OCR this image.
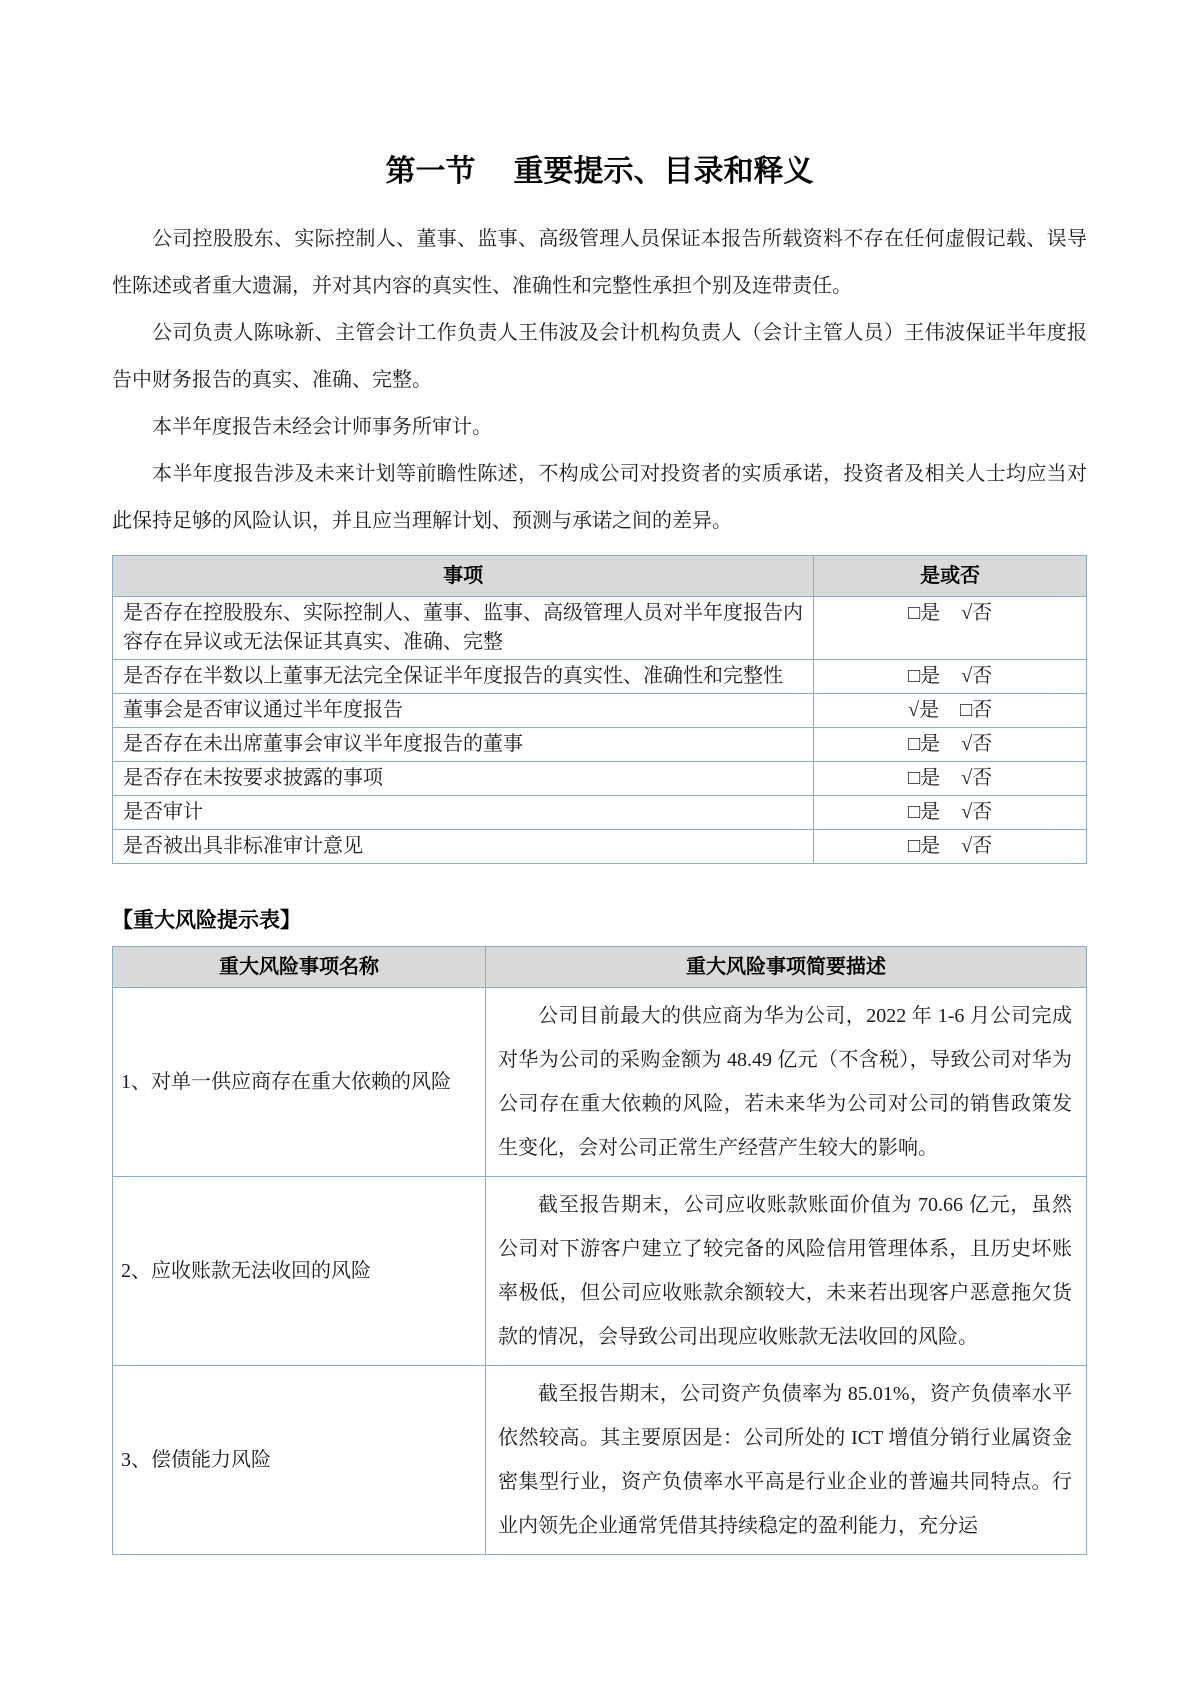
第一节 重要提示、目录和释义

公司控股股东、实际控制人、董事、监事、高级管理人员保证本报告所载资料不存在任何虚假记载、误导性陈述或者重大遗漏，并对其内容的真实性、准确性和完整性承担个别及连带责任。

公司负责人陈咏新、主管会计工作负责人王伟波及会计机构负责人（会计主管人员）王伟波保证半年度报告中财务报告的真实、准确、完整。

本半年度报告未经会计师事务所审计。

本半年度报告涉及未来计划等前瞻性陈述，不构成公司对投资者的实质承诺，投资者及相关人士均应当对此保持足够的风险认识，并且应当理解计划、预测与承诺之间的差异。

事项	是或否
是否存在控股股东、实际控制人、董事、监事、高级管理人员对半年度报告内容存在异议或无法保证其真实、准确、完整	□是 √否
是否存在半数以上董事无法完全保证半年度报告的真实性、准确性和完整性	□是 √否
董事会是否审议通过半年度报告	√是 □否
是否存在未出席董事会审议半年度报告的董事	□是 √否
是否存在未按要求披露的事项	□是 √否
是否审计	□是 √否
是否被出具非标准审计意见	□是 √否
【重大风险提示表】
重大风险事项名称	重大风险事项简要描述
1、对单一供应商存在重大依赖的风险	公司目前最大的供应商为华为公司，2022 年 1-6 月公司完成对华为公司的采购金额为 48.49 亿元（不含税），导致公司对华为公司存在重大依赖的风险，若未来华为公司对公司的销售政策发生变化，会对公司正常生产经营产生较大的影响。
2、应收账款无法收回的风险	截至报告期末，公司应收账款账面价值为 70.66 亿元，虽然公司对下游客户建立了较完备的风险信用管理体系，且历史坏账率极低，但公司应收账款余额较大，未来若出现客户恶意拖欠货款的情况，会导致公司出现应收账款无法收回的风险。
3、偿债能力风险	截至报告期末，公司资产负债率为 85.01%，资产负债率水平依然较高。其主要原因是：公司所处的 ICT 增值分销行业属资金密集型行业，资产负债率水平高是行业企业的普遍共同特点。行业内领先企业通常凭借其持续稳定的盈利能力，充分运
